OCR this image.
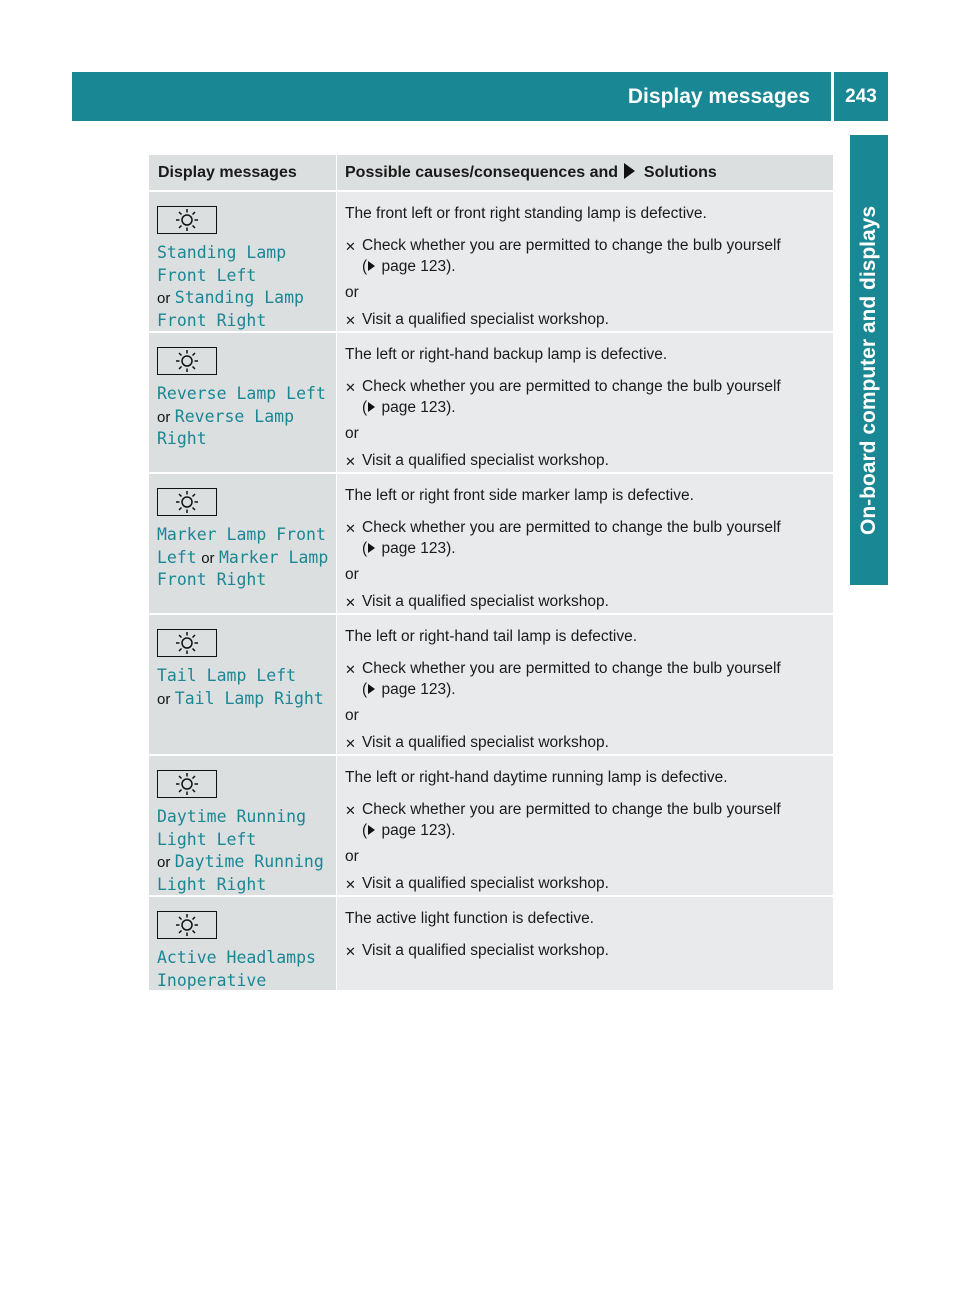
Display messages	243
On-board computer and displays
Display messages	Possible causes/consequences and Solutions
Standing Lamp
Front Left
or Standing Lamp
Front Right
The front left or front right standing lamp is defective.
✕ Check whether you are permitted to change the bulb yourself
( page 123).
or
✕ Visit a qualified specialist workshop.
Reverse Lamp Left
or Reverse Lamp
Right
The left or right-hand backup lamp is defective.
✕ Check whether you are permitted to change the bulb yourself
( page 123).
or
✕ Visit a qualified specialist workshop.
Marker Lamp Front
Left or Marker Lamp
Front Right
The left or right front side marker lamp is defective.
✕ Check whether you are permitted to change the bulb yourself
( page 123).
or
✕ Visit a qualified specialist workshop.
Tail Lamp Left
or Tail Lamp Right
The left or right-hand tail lamp is defective.
✕ Check whether you are permitted to change the bulb yourself
( page 123).
or
✕ Visit a qualified specialist workshop.
Daytime Running
Light Left
or Daytime Running
Light Right
The left or right-hand daytime running lamp is defective.
✕ Check whether you are permitted to change the bulb yourself
( page 123).
or
✕ Visit a qualified specialist workshop.
Active Headlamps
Inoperative
The active light function is defective.
✕ Visit a qualified specialist workshop.
